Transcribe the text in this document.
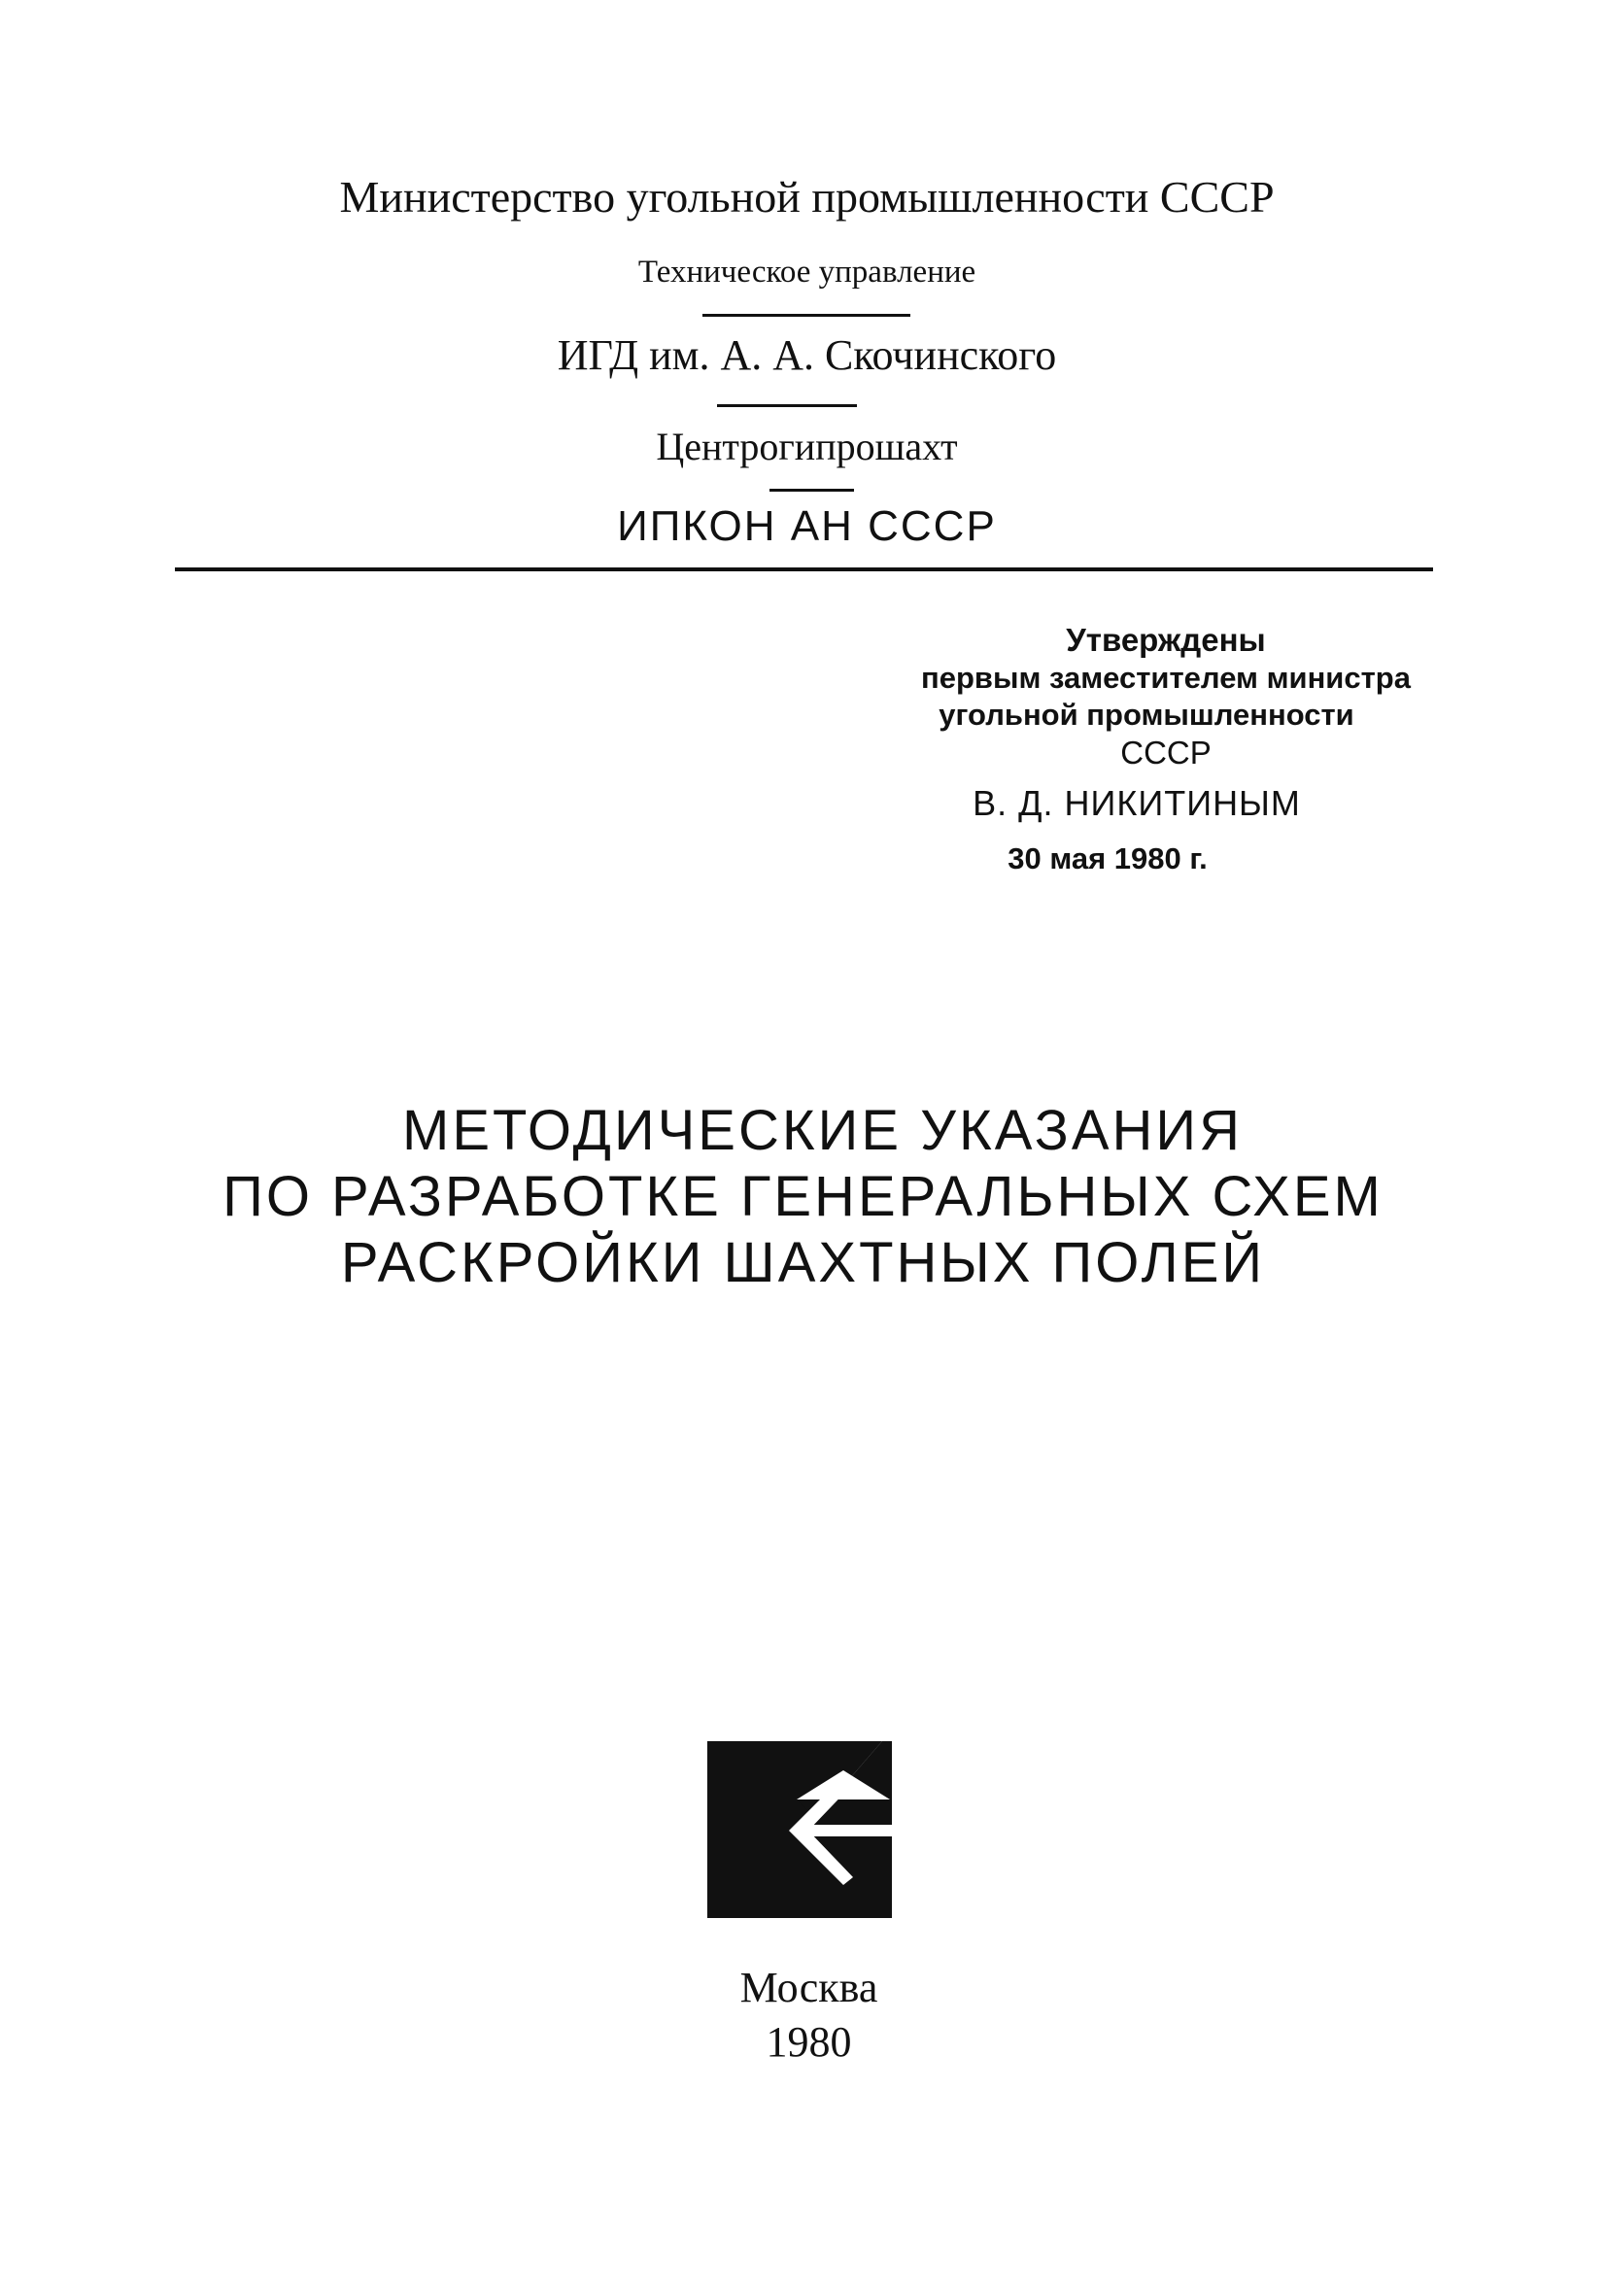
Министерство угольной промышленности СССР
Техническое управление
ИГД им. А. А. Скочинского
Центрогипрошахт
ИПКОН АН СССР
Утверждены
первым заместителем министра
угольной промышленности
СССР
В. Д. НИКИТИНЫМ
30 мая 1980 г.
МЕТОДИЧЕСКИЕ УКАЗАНИЯ
ПО РАЗРАБОТКЕ ГЕНЕРАЛЬНЫХ СХЕМ
РАСКРОЙКИ ШАХТНЫХ ПОЛЕЙ
Москва
1980
